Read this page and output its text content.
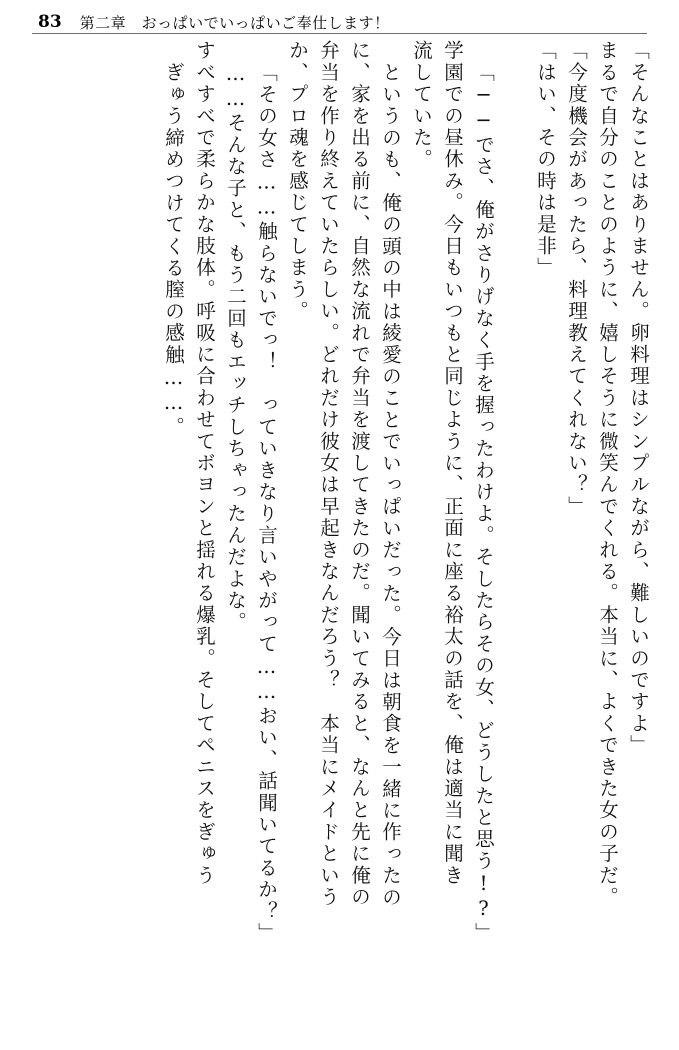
83 第二章　おっぱいでいっぱいご奉仕します！
「そんなことはありません。卵料理はシンプルながら、難しいのですよ」
まるで自分のことのように、嬉しそうに微笑んでくれる。本当に、よくできた女の子だ。
「今度機会があったら、料理教えてくれない？」
「はい、その時は是非」
「──でさ、俺がさりげなく手を握ったわけよ。そしたらその女、どうしたと思う!?」
学園での昼休み。今日もいつもと同じように、正面に座る裕太の話を、俺は適当に聞き
流していた。
というのも、俺の頭の中は綾愛のことでいっぱいだった。今日は朝食を一緒に作ったの
に、家を出る前に、自然な流れで弁当を渡してきたのだ。聞いてみると、なんと先に俺の
弁当を作り終えていたらしい。どれだけ彼女は早起きなんだろう？　本当にメイドという
か、プロ魂を感じてしまう。
「その女さ……触らないでっ！　っていきなり言いやがって……おい、話聞いてるか？」
……そんな子と、もう二回もエッチしちゃったんだよな。
すべすべで柔らかな肢体。呼吸に合わせてボヨンと揺れる爆乳。そしてペニスをぎゅう
ぎゅう締めつけてくる膣の感触……。
